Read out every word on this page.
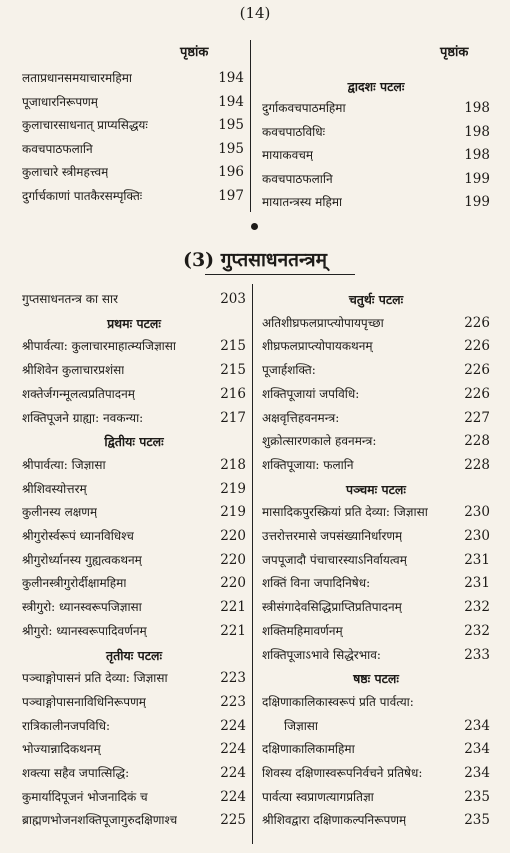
(14)
पृष्ठांक	पृष्ठांक
लताप्रधानसमयाचारमहिमा	194
पूजाधारनिरूपणम्	194
कुलाचारसाधनात् प्राप्यसिद्धयः	195
कवचपाठफलानि	195
कुलाचारे स्त्रीमहत्त्वम्	196
दुर्गार्चकाणां पातकैरसम्पृक्तिः	197
द्वादशः पटलः
दुर्गाकवचपाठमहिमा	198
कवचपाठविधिः	198
मायाकवचम्	198
कवचपाठफलानि	199
मायातन्त्रस्य महिमा	199
(3) गुप्तसाधनतन्त्रम्
गुप्तसाधनतन्त्र का सार	203
प्रथमः पटलः
श्रीपार्वत्या: कुलाचारमाहात्म्यजिज्ञासा	215
श्रीशिवेन कुलाचारप्रशंसा	215
शक्तेर्जगन्मूलत्वप्रतिपादनम्	216
शक्तिपूजने ग्राह्या: नवकन्या:	217
द्वितीयः पटलः
श्रीपार्वत्या: जिज्ञासा	218
श्रीशिवस्योत्तरम्	219
कुलीनस्य लक्षणम्	219
श्रीगुरोर्स्वरूपं ध्यानविधिश्च	220
श्रीगुरोर्ध्यानस्य गुह्यत्वकथनम्	220
कुलीनस्त्रीगुरोर्दीक्षामहिमा	220
स्त्रीगुरो: ध्यानस्वरूपजिज्ञासा	221
श्रीगुरो: ध्यानस्वरूपादिवर्णनम्	221
तृतीयः पटलः
पञ्चाङ्गोपासनं प्रति देव्या: जिज्ञासा	223
पञ्चाङ्गोपासनाविधिनिरूपणम्	223
रात्रिकालीनजपविधि:	224
भोज्यान्नादिकथनम्	224
शक्त्या सहैव जपात्सिद्धि:	224
कुमार्यादिपूजनं भोजनादिकं च	224
ब्राह्मणभोजनशक्तिपूजागुरुदक्षिणाश्च	225
चतुर्थः पटलः
अतिशीघ्रफलप्राप्त्योपायपृच्छा	226
शीघ्रफलप्राप्त्योपायकथनम्	226
पूजार्हशक्ति:	226
शक्तिपूजायां जपविधि:	226
अक्षवृत्तिहवनमन्त्र:	227
शुक्रोत्सारणकाले हवनमन्त्र:	228
शक्तिपूजाया: फलानि	228
पञ्चमः पटलः
मासादिकपुरस्क्रियां प्रति देव्या: जिज्ञासा	230
उत्तरोत्तरमासे जपसंख्यानिर्धारणम्	230
जपपूजादौ पंचाचारस्याऽनिर्वायत्वम्	231
शक्तिं विना जपादिनिषेध:	231
स्त्रीसंगादेवसिद्धिप्राप्तिप्रतिपादनम्	232
शक्तिमहिमावर्णनम्	232
शक्तिपूजाऽभावे सिद्धेरभाव:	233
षष्ठः पटलः
दक्षिणाकालिकास्वरूपं प्रति पार्वत्या:
जिज्ञासा	234
दक्षिणाकालिकामहिमा	234
शिवस्य दक्षिणास्वरूपनिर्वचने प्रतिषेध:	234
पार्वत्या स्वप्राणत्यागप्रतिज्ञा	235
श्रीशिवद्वारा दक्षिणाकल्पनिरूपणम्	235
